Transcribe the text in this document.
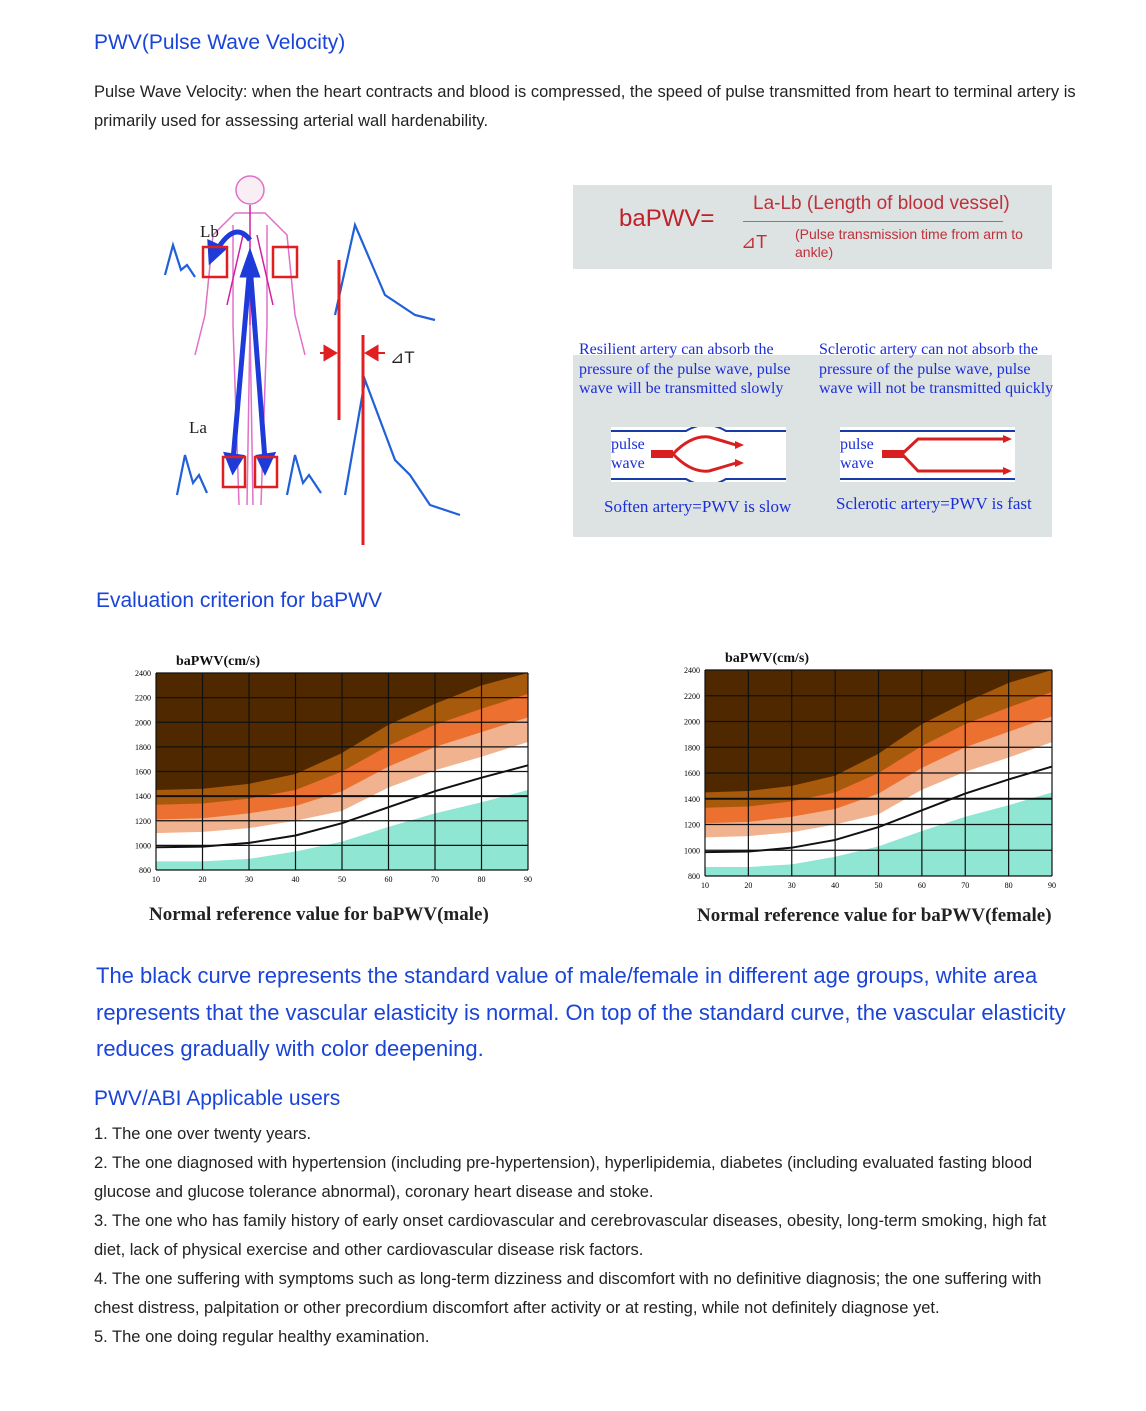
PWV(Pulse Wave Velocity)
Pulse Wave Velocity: when the heart contracts and blood is compressed, the speed of pulse transmitted from heart to terminal artery is primarily used for assessing arterial wall hardenability.
Lb
La
⊿T
baPWV=
La-Lb (Length of blood vessel)
⊿T (Pulse transmission time from arm to ankle)
Resilient artery can absorb the pressure of the pulse wave, pulse wave will be transmitted slowly
Sclerotic artery can not absorb the pressure of the pulse wave, pulse wave will not be transmitted quickly
pulse
wave
pulse
wave
Soften artery=PWV is slow	Sclerotic artery=PWV is fast
Evaluation criterion for baPWV
baPWV(cm/s)
800
1000
1200
1400
1600
1800
2000
2200
2400
10	20	30	40	50	60	70	80	90
Normal reference value for baPWV(male)
baPWV(cm/s)
800
1000
1200
1400
1600
1800
2000
2200
2400
10	20	30	40	50	60	70	80	90
Normal reference value for baPWV(female)
The black curve represents the standard value of male/female in different age groups, white area represents that the vascular elasticity is normal. On top of the standard curve, the vascular elasticity reduces gradually with color deepening.
PWV/ABI Applicable users
1. The one over twenty years.
2. The one diagnosed with hypertension (including pre-hypertension), hyperlipidemia, diabetes (including evaluated fasting blood glucose and glucose tolerance abnormal), coronary heart disease and stoke.
3. The one who has family history of early onset cardiovascular and cerebrovascular diseases, obesity, long-term smoking, high fat diet, lack of physical exercise and other cardiovascular disease risk factors.
4. The one suffering with symptoms such as long-term dizziness and discomfort with no definitive diagnosis; the one suffering with chest distress, palpitation or other precordium discomfort after activity or at resting, while not definitely diagnose yet.
5. The one doing regular healthy examination.
